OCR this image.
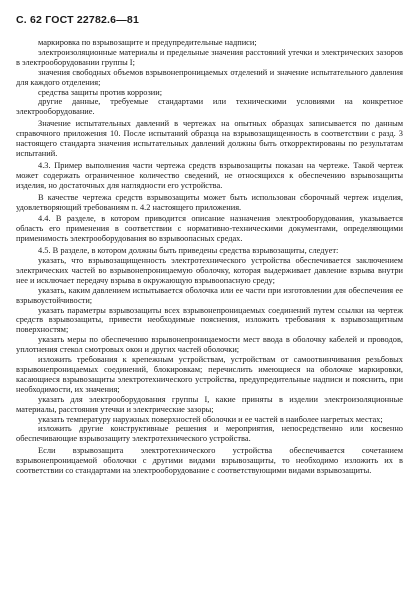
С. 62 ГОСТ 22782.6—81

маркировка по взрывозащите и предупредительные надписи;

электроизоляционные материалы и предельные значения расстояний утечки и электрических зазоров в электрооборудовании группы I;

значения свободных объемов взрывонепроницаемых отделений и значение испытательного давления для каждого отделения;

средства защиты против коррозии;

другие данные, требуемые стандартами или техническими условиями на конкретное электрооборудование.

Значение испытательных давлений в чертежах на опытных образцах записывается по данным справочного приложения 10. После испытаний образца на взрывозащищенность в соответствии с разд. 3 настоящего стандарта значения испытательных давлений должны быть откорректированы по результатам испытаний.

4.3. Пример выполнения части чертежа средств взрывозащиты показан на чертеже. Такой чертеж может содержать ограниченное количество сведений, не относящихся к обеспечению взрывозащиты изделия, но достаточных для наглядности его устройства.

В качестве чертежа средств взрывозащиты может быть использован сборочный чертеж изделия, удовлетворяющий требованиям п. 4.2 настоящего приложения.

4.4. В разделе, в котором приводится описание назначения электрооборудования, указывается область его применения в соответствии с нормативно-техническими документами, определяющими применимость электрооборудования во взрывоопасных средах.

4.5. В разделе, в котором должны быть приведены средства взрывозащиты, следует:

указать, что взрывозащищенность электротехнического устройства обеспечивается заключением электрических частей во взрывонепроницаемую оболочку, которая выдерживает давление взрыва внутри нее и исключает передачу взрыва в окружающую взрывоопасную среду;

указать, каким давлением испытывается оболочка или ее части при изготовлении для обеспечения ее взрывоустойчивости;

указать параметры взрывозащиты всех взрывонепроницаемых соединений путем ссылки на чертеж средств взрывозащиты, привести необходимые пояснения, изложить требования к взрывозащитным поверхностям;

указать меры по обеспечению взрывонепроницаемости мест ввода в оболочку кабелей и проводов, уплотнения стекол смотровых окон и других частей оболочки;

изложить требования к крепежным устройствам, устройствам от самоотвинчивания резьбовых взрывонепроницаемых соединений, блокировкам; перечислить имеющиеся на оболочке маркировки, касающиеся взрывозащиты электротехнического устройства, предупредительные надписи и пояснить, при необходимости, их значения;

указать для электрооборудования группы I, какие приняты в изделии электроизоляционные материалы, расстояния утечки и электрические зазоры;

указать температуру наружных поверхностей оболочки и ее частей в наиболее нагретых местах;

изложить другие конструктивные решения и мероприятия, непосредственно или косвенно обеспечивающие взрывозащиту электротехнического устройства.

Если взрывозащита электротехнического устройства обеспечивается сочетанием взрывонепроницаемой оболочки с другими видами взрывозащиты, то необходимо изложить их в соответствии со стандартами на электрооборудование с соответствующими видами взрывозащиты.
